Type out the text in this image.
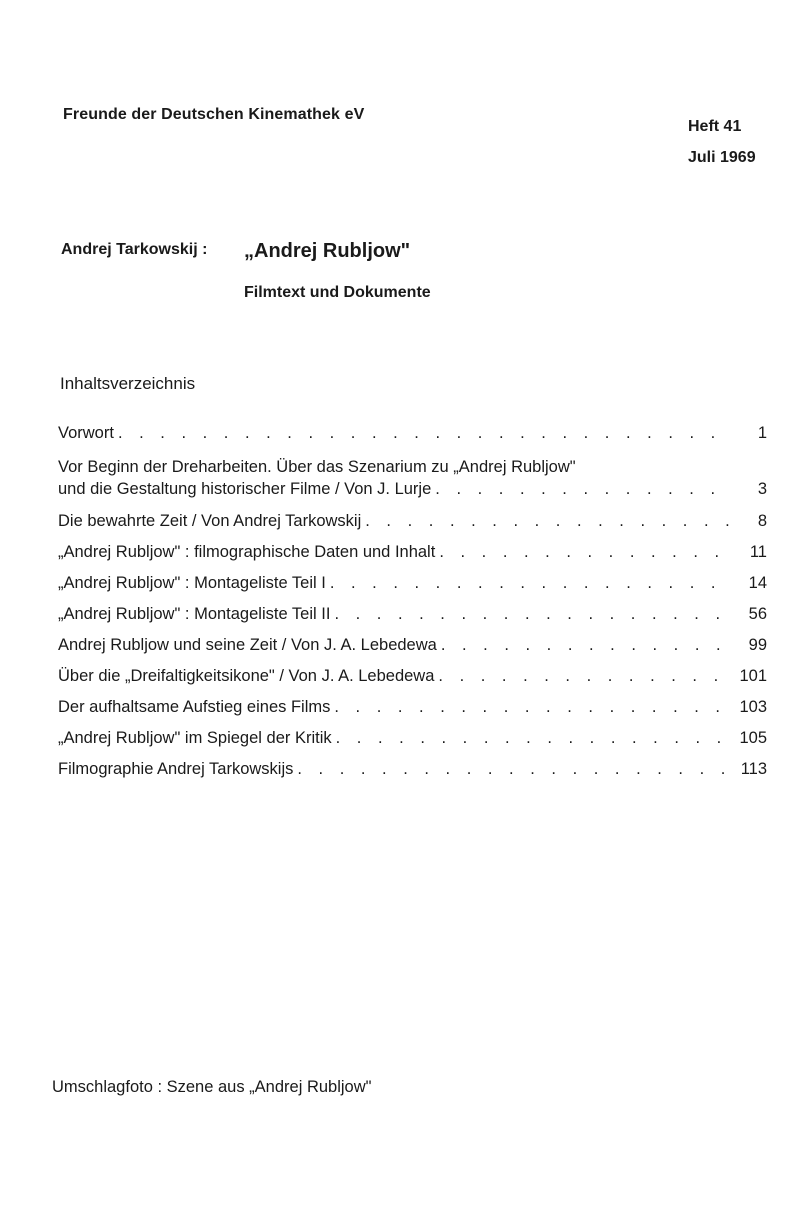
Freunde der Deutschen Kinemathek eV
Heft 41
Juli 1969
Andrej Tarkowskij : „Andrej Rubljow"
Filmtext und Dokumente
Inhaltsverzeichnis
Vorwort . . .	1
Vor Beginn der Dreharbeiten. Über das Szenarium zu „Andrej Rubljow"
und die Gestaltung historischer Filme / Von J. Lurje . . .	3
Die bewahrte Zeit / Von Andrej Tarkowskij . . .	8
„Andrej Rubljow" : filmographische Daten und Inhalt . . .	11
„Andrej Rubljow" : Montageliste Teil I . . .	14
„Andrej Rubljow" : Montageliste Teil II . . .	56
Andrej Rubljow und seine Zeit / Von J. A. Lebedewa . . .	99
Über die „Dreifaltigkeitsikone" / Von J. A. Lebedewa . . .	101
Der aufhaltsame Aufstieg eines Films . . .	103
„Andrej Rubljow" im Spiegel der Kritik . . .	105
Filmographie Andrej Tarkowskijs . . .	113
Umschlagfoto : Szene aus „Andrej Rubljow"
